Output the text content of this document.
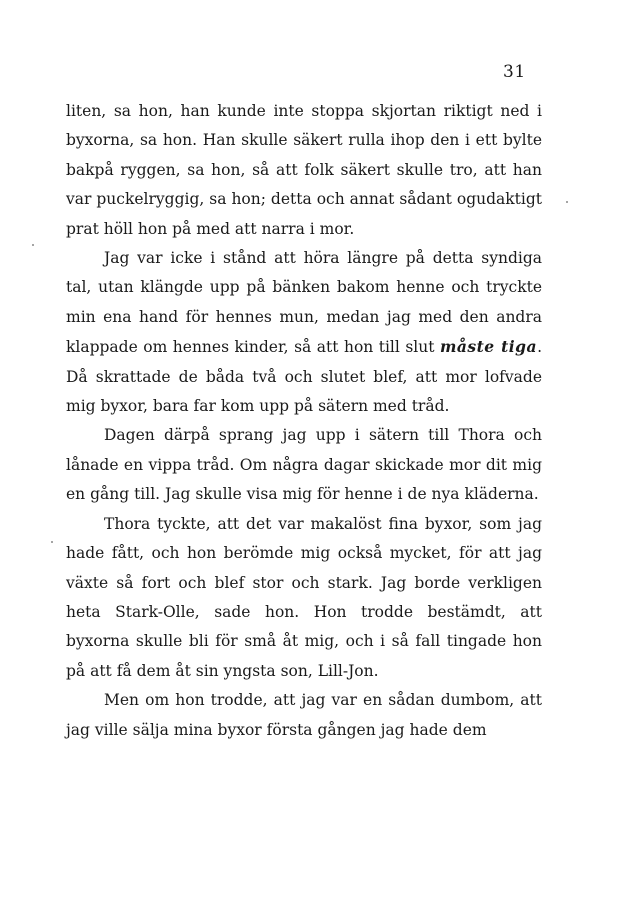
31

liten, sa hon, han kunde inte stoppa skjortan riktigt ned i byxorna, sa hon. Han skulle säkert rulla ihop den i ett bylte bakpå ryggen, sa hon, så att folk säkert skulle tro, att han var puckelryggig, sa hon; detta och annat sådant ogudaktigt prat höll hon på med att narra i mor.

Jag var icke i stånd att höra längre på detta syndiga tal, utan klängde upp på bänken bakom henne och tryckte min ena hand för hennes mun, medan jag med den andra klappade om hennes kinder, så att hon till slut måste tiga. Då skrattade de båda två och slutet blef, att mor lofvade mig byxor, bara far kom upp på sätern med tråd.

Dagen därpå sprang jag upp i sätern till Thora och lånade en vippa tråd. Om några dagar skickade mor dit mig en gång till. Jag skulle visa mig för henne i de nya kläderna.

Thora tyckte, att det var makalöst fina byxor, som jag hade fått, och hon berömde mig också mycket, för att jag växte så fort och blef stor och stark. Jag borde verkligen heta Stark-Olle, sade hon. Hon trodde bestämdt, att byxorna skulle bli för små åt mig, och i så fall tingade hon på att få dem åt sin yngsta son, Lill-Jon.

Men om hon trodde, att jag var en sådan dumbom, att jag ville sälja mina byxor första gången jag hade dem
